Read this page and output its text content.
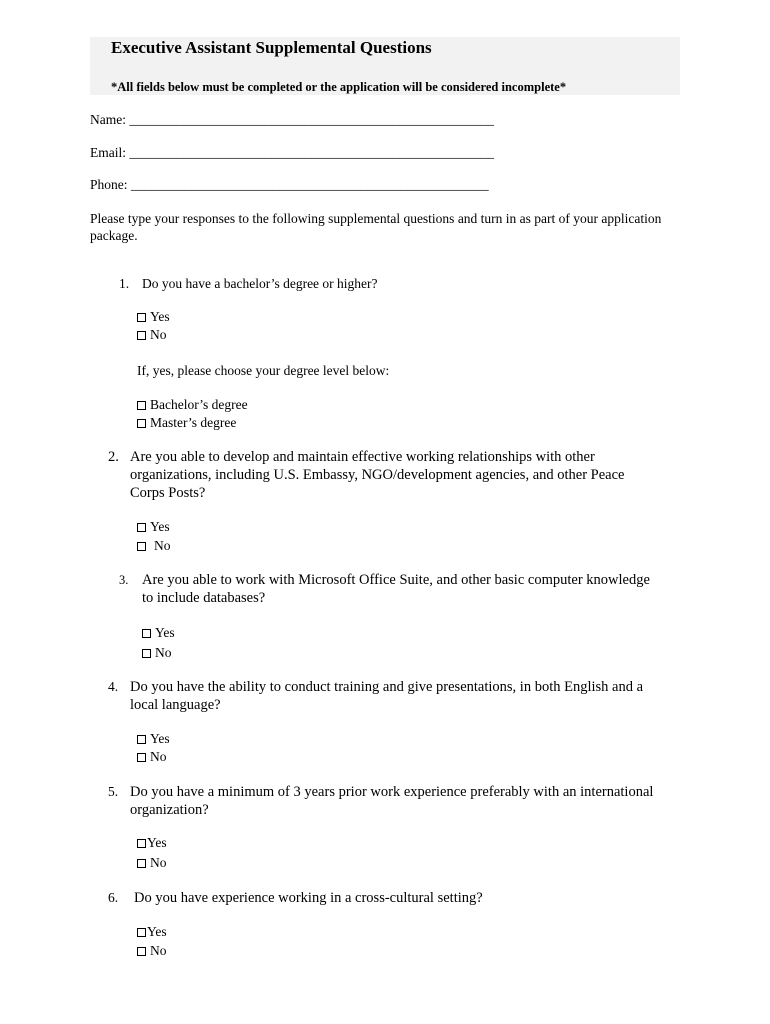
Executive Assistant Supplemental Questions
*All fields below must be completed or the application will be considered incomplete*
Name: ______________________________________________________
Email: ______________________________________________________
Phone: _____________________________________________________
Please type your responses to the following supplemental questions and turn in as part of your application package.
1. Do you have a bachelor’s degree or higher?
Yes
No
If, yes, please choose your degree level below:
Bachelor’s degree
Master’s degree
2. Are you able to develop and maintain effective working relationships with other
organizations, including U.S. Embassy, NGO/development agencies, and other Peace
Corps Posts?
Yes
No
3. Are you able to work with Microsoft Office Suite, and other basic computer knowledge
to include databases?
Yes
No
4. Do you have the ability to conduct training and give presentations, in both English and a
local language?
Yes
No
5. Do you have a minimum of 3 years prior work experience preferably with an international
organization?
Yes
No
6. Do you have experience working in a cross-cultural setting?
Yes
No
